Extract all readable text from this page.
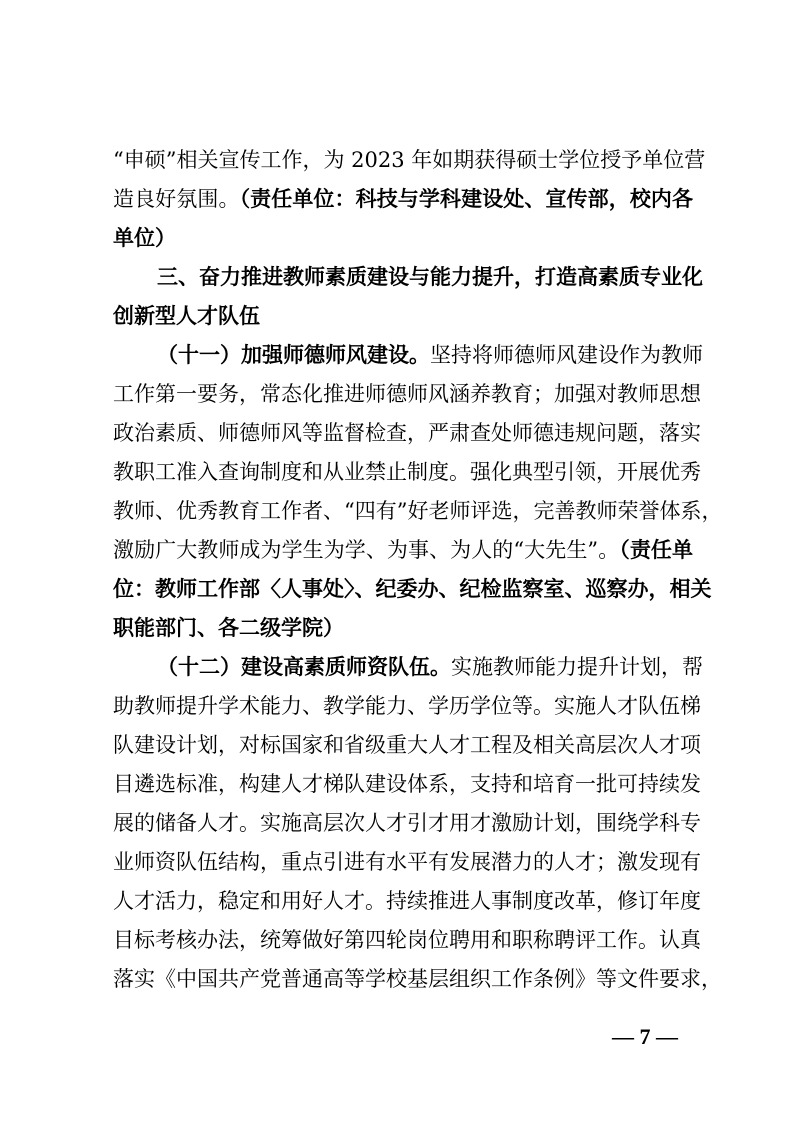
“申硕”相关宣传工作，为 2023 年如期获得硕士学位授予单位营
造良好氛围。（责任单位：科技与学科建设处、宣传部，校内各
单位）
三、奋力推进教师素质建设与能力提升，打造高素质专业化
创新型人才队伍
（十一）加强师德师风建设。坚持将师德师风建设作为教师
工作第一要务，常态化推进师德师风涵养教育；加强对教师思想
政治素质、师德师风等监督检查，严肃查处师德违规问题，落实
教职工准入查询制度和从业禁止制度。强化典型引领，开展优秀
教师、优秀教育工作者、“四有”好老师评选，完善教师荣誉体系，
激励广大教师成为学生为学、为事、为人的“大先生”。（责任单
位：教师工作部〈人事处〉、纪委办、纪检监察室、巡察办，相关
职能部门、各二级学院）
（十二）建设高素质师资队伍。实施教师能力提升计划，帮
助教师提升学术能力、教学能力、学历学位等。实施人才队伍梯
队建设计划，对标国家和省级重大人才工程及相关高层次人才项
目遴选标准，构建人才梯队建设体系，支持和培育一批可持续发
展的储备人才。实施高层次人才引才用才激励计划，围绕学科专
业师资队伍结构，重点引进有水平有发展潜力的人才；激发现有
人才活力，稳定和用好人才。持续推进人事制度改革，修订年度
目标考核办法，统筹做好第四轮岗位聘用和职称聘评工作。认真
落实《中国共产党普通高等学校基层组织工作条例》等文件要求，
— 7 —
